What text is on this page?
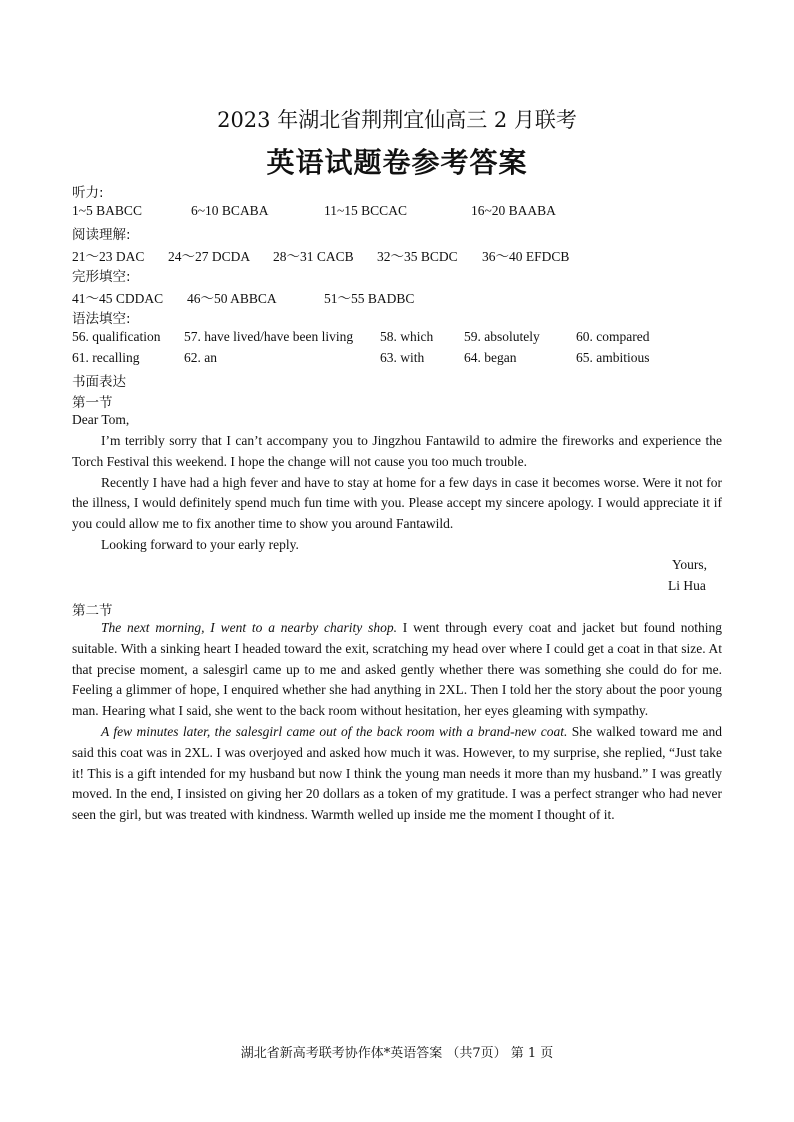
2023 年湖北省荆荆宜仙高三 2 月联考
英语试题卷参考答案
听力:
1~5 BABCC	6~10 BCABA	11~15 BCCAC	16~20 BAABA
阅读理解:
21～23 DAC 24～27 DCDA 28～31 CACB 32～35 BCDC 36～40 EFDCB
完形填空:
41～45 CDDAC 46～50 ABBCA	51～55 BADBC
语法填空:
56. qualification 57. have lived/have been living 58. which 59. absolutely	60. compared
61. recalling	62. an	63. with	64. began	65. ambitious
书面表达
第一节
Dear Tom,

I’m terribly sorry that I can’t accompany you to Jingzhou Fantawild to admire the fireworks and experience the Torch Festival this weekend. I hope the change will not cause you too much trouble.

Recently I have had a high fever and have to stay at home for a few days in case it becomes worse. Were it not for the illness, I would definitely spend much fun time with you. Please accept my sincere apology. I would appreciate it if you could allow me to fix another time to show you around Fantawild.

Looking forward to your early reply.

Yours,
Li Hua
第二节

The next morning, I went to a nearby charity shop. I went through every coat and jacket but found nothing suitable. With a sinking heart I headed toward the exit, scratching my head over where I could get a coat in that size. At that precise moment, a salesgirl came up to me and asked gently whether there was something she could do for me. Feeling a glimmer of hope, I enquired whether she had anything in 2XL. Then I told her the story about the poor young man. Hearing what I said, she went to the back room without hesitation, her eyes gleaming with sympathy.

A few minutes later, the salesgirl came out of the back room with a brand-new coat. She walked toward me and said this coat was in 2XL. I was overjoyed and asked how much it was. However, to my surprise, she replied, “Just take it! This is a gift intended for my husband but now I think the young man needs it more than my husband.” I was greatly moved. In the end, I insisted on giving her 20 dollars as a token of my gratitude. I was a perfect stranger who had never seen the girl, but was treated with kindness. Warmth welled up inside me the moment I thought of it.

湖北省新高考联考协作体*英语答案 （共7页） 第 1 页
